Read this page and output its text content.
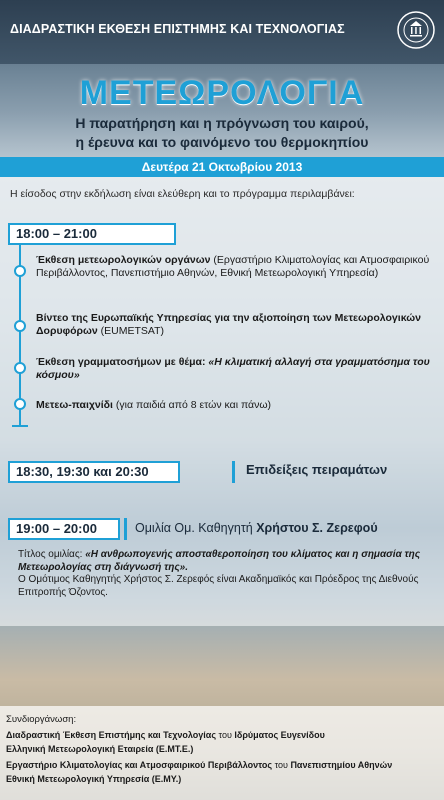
ΔΙΑΔΡΑΣΤΙΚΗ ΕΚΘΕΣΗ ΕΠΙΣΤΗΜΗΣ ΚΑΙ ΤΕΧΝΟΛΟΓΙΑΣ
ΜΕΤΕΩΡΟΛΟΓΙΑ
Η παρατήρηση και η πρόγνωση του καιρού,
η έρευνα και το φαινόμενο του θερμοκηπίου
Δευτέρα 21 Οκτωβρίου 2013
Η είσοδος στην εκδήλωση είναι ελεύθερη και το πρόγραμμα περιλαμβάνει:
18:00 – 21:00
Έκθεση μετεωρολογικών οργάνων (Εργαστήριο Κλιματολογίας και Ατμοσφαιρικού Περιβάλλοντος, Πανεπιστήμιο Αθηνών, Εθνική Μετεωρολογική Υπηρεσία)
Βίντεο της Ευρωπαϊκής Υπηρεσίας για την αξιοποίηση των Μετεωρολογικών Δορυφόρων (EUMETSAT)
Έκθεση γραμματοσήμων με θέμα: «Η κλιματική αλλαγή στα γραμματόσημα του κόσμου»
Μετεω-παιχνίδι (για παιδιά από 8 ετών και πάνω)
18:30, 19:30 και 20:30	Επιδείξεις πειραμάτων
19:00 – 20:00	Ομιλία Ομ. Καθηγητή Χρήστου Σ. Ζερεφού
Τίτλος ομιλίας: «Η ανθρωπογενής αποσταθεροποίηση του κλίματος και η σημασία της Μετεωρολογίας στη διάγνωσή της».
Ο Ομότιμος Καθηγητής Χρήστος Σ. Ζερεφός είναι Ακαδημαϊκός και Πρόεδρος της Διεθνούς Επιτροπής Όζοντος.
Συνδιοργάνωση:
Διαδραστική Έκθεση Επιστήμης και Τεχνολογίας του Ιδρύματος Ευγενίδου
Ελληνική Μετεωρολογική Εταιρεία (Ε.ΜΤ.Ε.)
Εργαστήριο Κλιματολογίας και Ατμοσφαιρικού Περιβάλλοντος του Πανεπιστημίου Αθηνών
Εθνική Μετεωρολογική Υπηρεσία (Ε.ΜΥ.)
